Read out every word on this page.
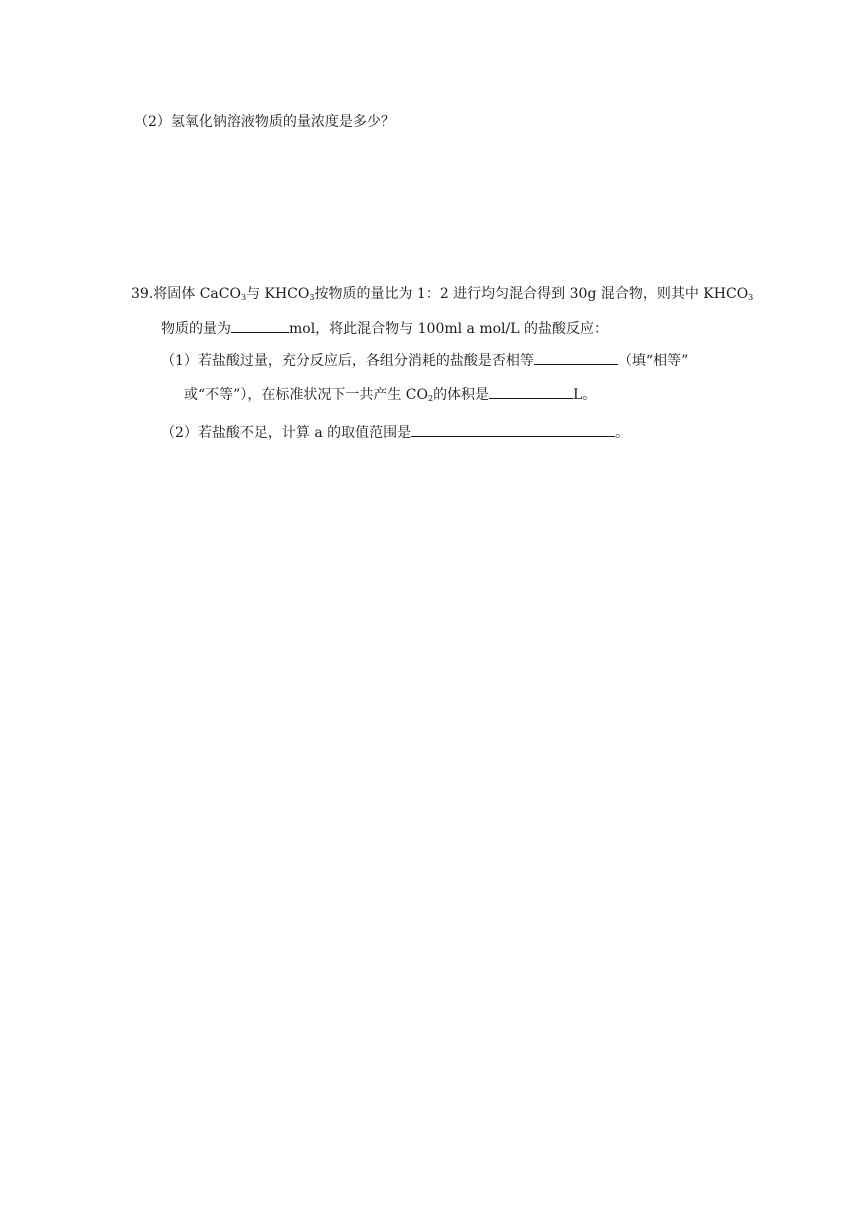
（2）氢氧化钠溶液物质的量浓度是多少？
39.将固体 CaCO$_3$与 $KHCO_3$按物质的量比为 1：2 进行均匀混合得到 30g 混合物，则其中 $KHCO_3$
物质的量为	mol，将此混合物与 100ml a mol/L 的盐酸反应：
（1）若盐酸过量，充分反应后，各组分消耗的盐酸是否相等	（填“相等”
或“不等”），在标准状况下一共产生 $CO_2$的体积是	L。
（2）若盐酸不足，计算 a 的取值范围是	。
